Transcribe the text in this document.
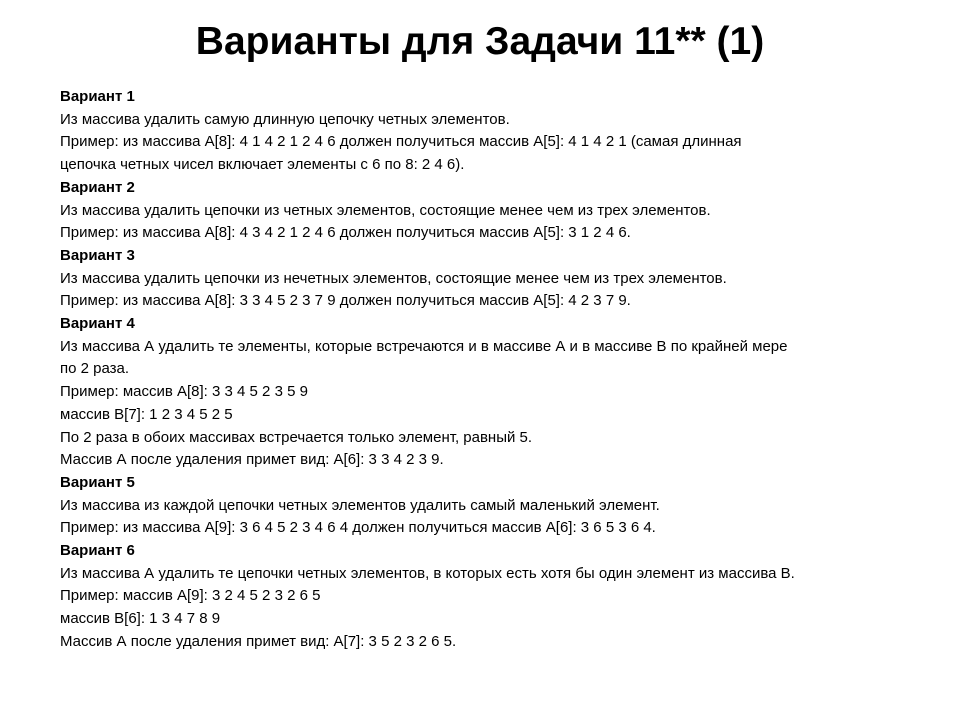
Варианты для Задачи 11** (1)
Вариант 1
Из массива удалить самую длинную цепочку четных элементов.
Пример: из массива A[8]: 4 1 4 2 1 2 4 6 должен получиться массив A[5]: 4 1 4 2 1 (самая длинная
цепочка четных чисел включает элементы с 6 по 8: 2 4 6).
Вариант 2
Из массива удалить цепочки из четных элементов, состоящие менее чем из трех элементов.
Пример: из массива A[8]: 4 3 4 2 1 2 4 6 должен получиться массив A[5]: 3 1 2 4 6.
Вариант 3
Из массива удалить цепочки из нечетных элементов, состоящие менее чем из трех элементов.
Пример: из массива A[8]: 3 3 4 5 2 3 7 9 должен получиться массив A[5]: 4 2 3 7 9.
Вариант 4
Из массива А удалить те элементы, которые встречаются и в массиве А и в массиве В по крайней мере
по 2 раза.
Пример: массив A[8]: 3 3 4 5 2 3 5 9
массив B[7]: 1 2 3 4 5 2 5
По 2 раза в обоих массивах встречается только элемент, равный 5.
Массив А после удаления примет вид: A[6]: 3 3 4 2 3 9.
Вариант 5
Из массива из каждой цепочки четных элементов удалить самый маленький элемент.
Пример: из массива A[9]: 3 6 4 5 2 3 4 6 4 должен получиться массив A[6]: 3 6 5 3 6 4.
Вариант 6
Из массива А удалить те цепочки четных элементов, в которых есть хотя бы один элемент из массива В.
Пример: массив A[9]: 3 2 4 5 2 3 2 6 5
массив B[6]: 1 3 4 7 8 9
Массив А после удаления примет вид: A[7]: 3 5 2 3 2 6 5.
